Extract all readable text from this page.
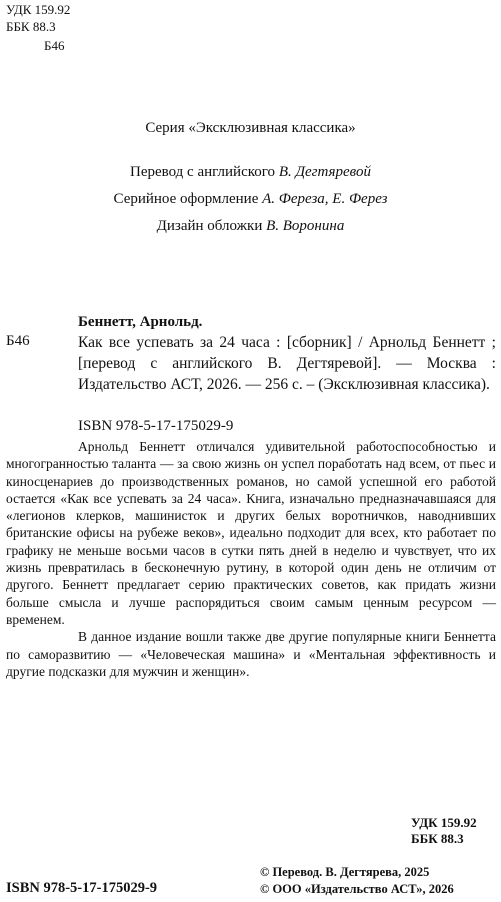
УДК 159.92
ББК 88.3
Б46
Серия «Эксклюзивная классика»
Перевод с английского В. Дегтяревой
Серийное оформление А. Фереза, Е. Ферез
Дизайн обложки В. Воронина
Беннетт, Арнольд.
Б46	Как все успевать за 24 часа : [сборник] / Арнольд Беннетт ; [перевод с английского В. Дегтяревой]. — Москва : Издательство АСТ, 2026. — 256 с. – (Эксклюзивная классика).
ISBN 978-5-17-175029-9

Арнольд Беннетт отличался удивительной работоспособностью и многогранностью таланта — за свою жизнь он успел поработать над всем, от пьес и киносценариев до производственных романов, но самой успешной его работой остается «Как все успевать за 24 часа». Книга, изначально предназначавшаяся для «легионов клерков, машинисток и других белых воротничков, наводнивших британские офисы на рубеже веков», идеально подходит для всех, кто работает по графику не меньше восьми часов в сутки пять дней в неделю и чувствует, что их жизнь превратилась в бесконечную рутину, в которой один день не отличим от другого. Беннетт предлагает серию практических советов, как придать жизни больше смысла и лучше распорядиться своим самым ценным ресурсом — временем.

В данное издание вошли также две другие популярные книги Беннетта по саморазвитию — «Человеческая машина» и «Ментальная эффективность и другие подсказки для мужчин и женщин».

УДК 159.92
ББК 88.3
ISBN 978-5-17-175029-9
© Перевод. В. Дегтярева, 2025
© ООО «Издательство АСТ», 2026
